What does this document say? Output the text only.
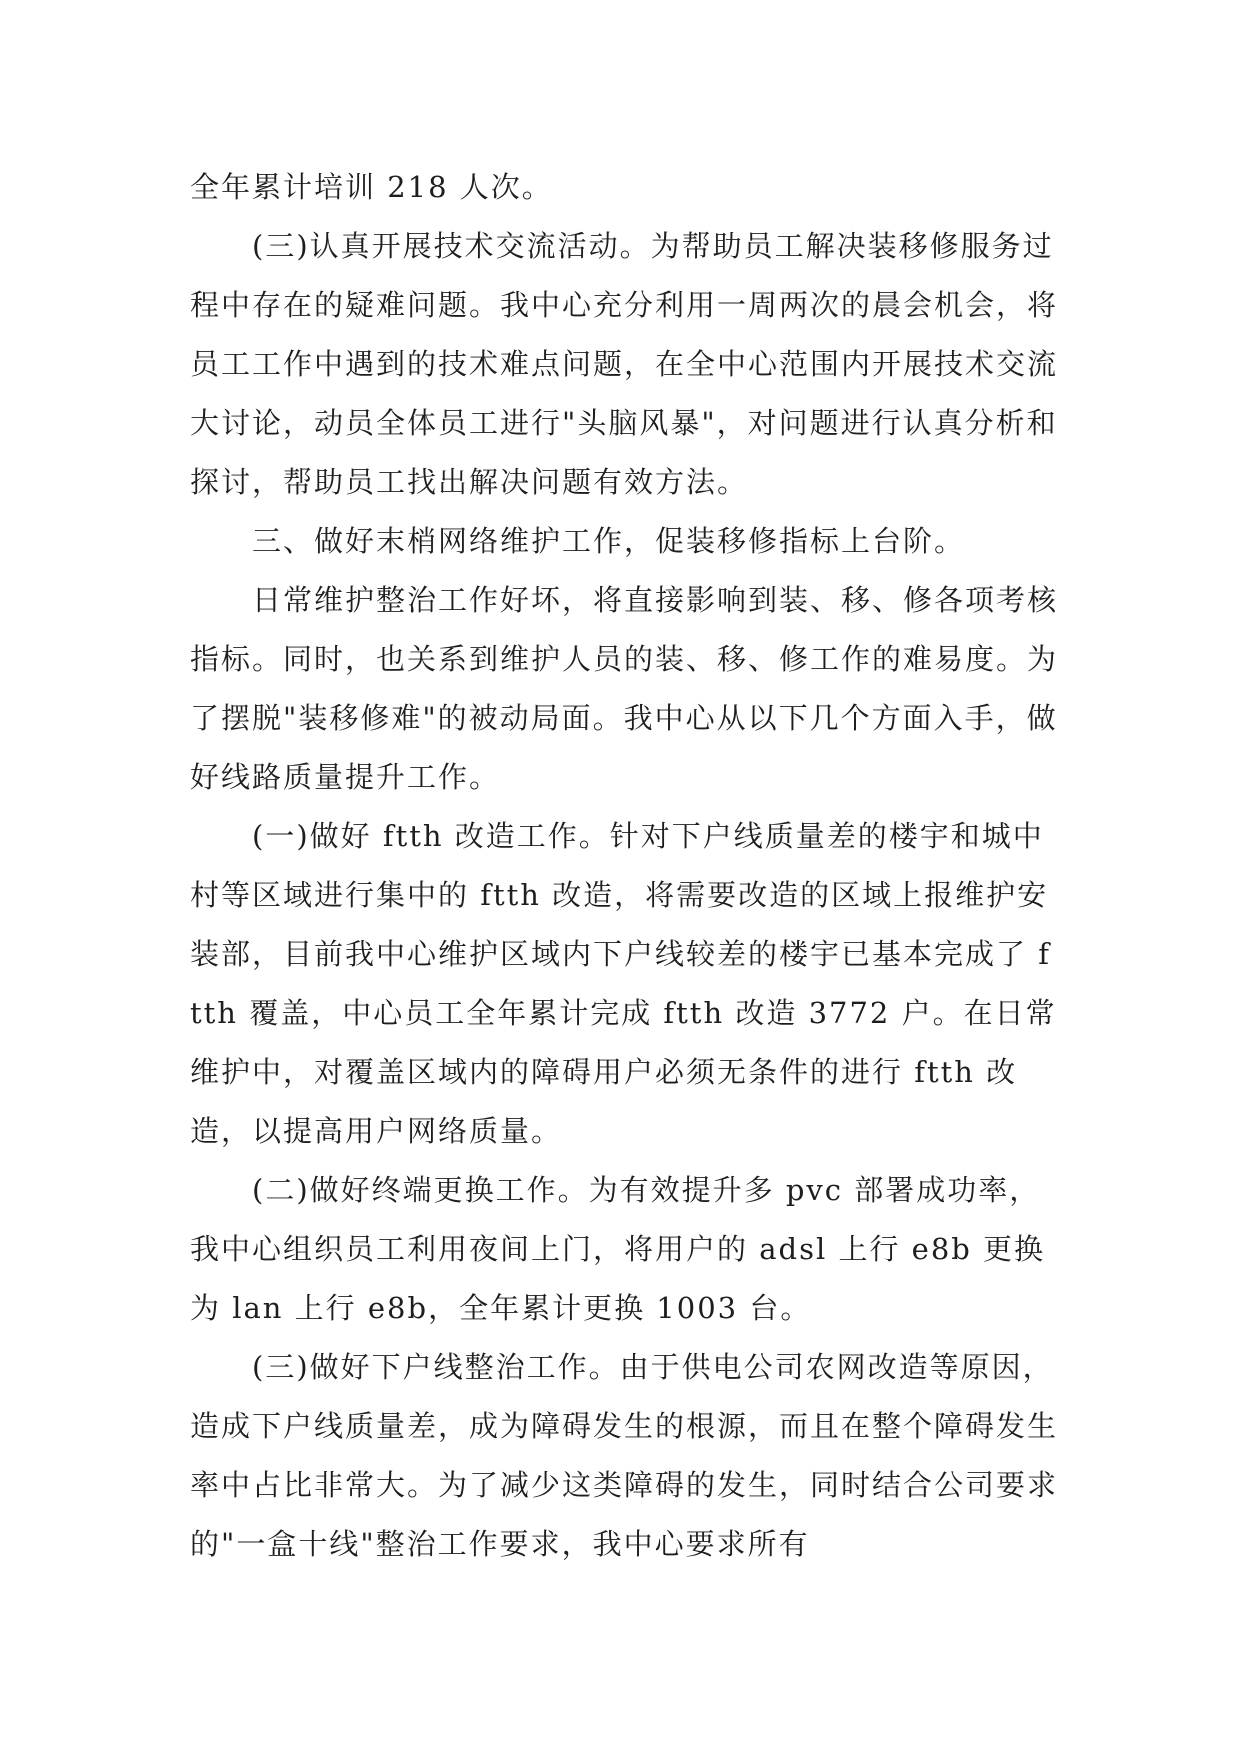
全年累计培训 218 人次。

(三)认真开展技术交流活动。为帮助员工解决装移修服务过程中存在的疑难问题。我中心充分利用一周两次的晨会机会，将员工工作中遇到的技术难点问题，在全中心范围内开展技术交流大讨论，动员全体员工进行"头脑风暴"，对问题进行认真分析和探讨，帮助员工找出解决问题有效方法。

三、做好末梢网络维护工作，促装移修指标上台阶。

日常维护整治工作好坏，将直接影响到装、移、修各项考核指标。同时，也关系到维护人员的装、移、修工作的难易度。为了摆脱"装移修难"的被动局面。我中心从以下几个方面入手，做好线路质量提升工作。

(一)做好 ftth 改造工作。针对下户线质量差的楼宇和城中村等区域进行集中的 ftth 改造，将需要改造的区域上报维护安装部，目前我中心维护区域内下户线较差的楼宇已基本完成了 ftth 覆盖，中心员工全年累计完成 ftth 改造 3772 户。在日常维护中，对覆盖区域内的障碍用户必须无条件的进行 ftth 改造，以提高用户网络质量。

(二)做好终端更换工作。为有效提升多 pvc 部署成功率，我中心组织员工利用夜间上门，将用户的 adsl 上行 e8b 更换为 lan 上行 e8b，全年累计更换 1003 台。

(三)做好下户线整治工作。由于供电公司农网改造等原因，造成下户线质量差，成为障碍发生的根源，而且在整个障碍发生率中占比非常大。为了减少这类障碍的发生，同时结合公司要求的"一盒十线"整治工作要求，我中心要求所有
